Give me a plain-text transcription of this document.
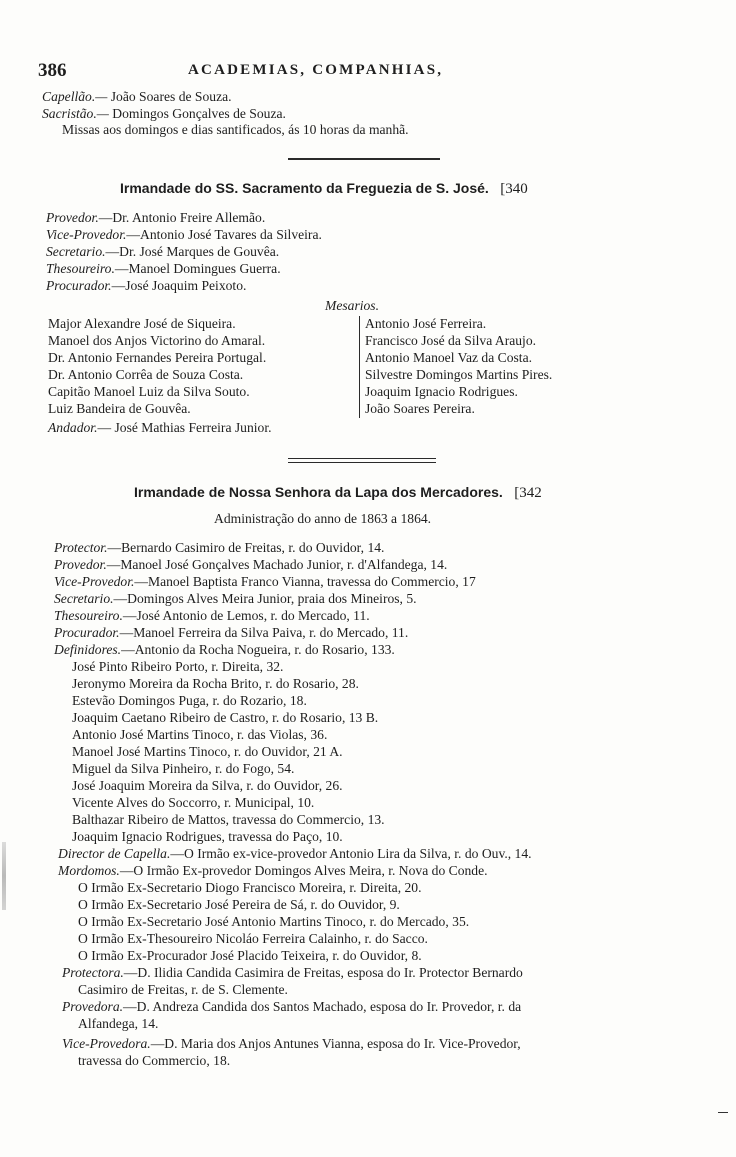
386	ACADEMIAS, COMPANHIAS,
Capellão.— João Soares de Souza.
Sacristão.— Domingos Gonçalves de Souza.
Missas aos domingos e dias santificados, ás 10 horas da manhã.
Irmandade do SS. Sacramento da Freguezia de S. José. [340
Provedor.—Dr. Antonio Freire Allemão.
Vice-Provedor.—Antonio José Tavares da Silveira.
Secretario.—Dr. José Marques de Gouvêa.
Thesoureiro.—Manoel Domingues Guerra.
Procurador.—José Joaquim Peixoto.
Mesarios.
Major Alexandre José de Siqueira.
Manoel dos Anjos Victorino do Amaral.
Dr. Antonio Fernandes Pereira Portugal.
Dr. Antonio Corrêa de Souza Costa.
Capitão Manoel Luiz da Silva Souto.
Luiz Bandeira de Gouvêa.
Antonio José Ferreira.
Francisco José da Silva Araujo.
Antonio Manoel Vaz da Costa.
Silvestre Domingos Martins Pires.
Joaquim Ignacio Rodrigues.
João Soares Pereira.
Andador.— José Mathias Ferreira Junior.
Irmandade de Nossa Senhora da Lapa dos Mercadores. [342
Administração do anno de 1863 a 1864.
Protector.—Bernardo Casimiro de Freitas, r. do Ouvidor, 14.
Provedor.—Manoel José Gonçalves Machado Junior, r. d'Alfandega, 14.
Vice-Provedor.—Manoel Baptista Franco Vianna, travessa do Commercio, 17
Secretario.—Domingos Alves Meira Junior, praia dos Mineiros, 5.
Thesoureiro.—José Antonio de Lemos, r. do Mercado, 11.
Procurador.—Manoel Ferreira da Silva Paiva, r. do Mercado, 11.
Definidores.—Antonio da Rocha Nogueira, r. do Rosario, 133.
José Pinto Ribeiro Porto, r. Direita, 32.
Jeronymo Moreira da Rocha Brito, r. do Rosario, 28.
Estevão Domingos Puga, r. do Rozario, 18.
Joaquim Caetano Ribeiro de Castro, r. do Rosario, 13 B.
Antonio José Martins Tinoco, r. das Violas, 36.
Manoel José Martins Tinoco, r. do Ouvidor, 21 A.
Miguel da Silva Pinheiro, r. do Fogo, 54.
José Joaquim Moreira da Silva, r. do Ouvidor, 26.
Vicente Alves do Soccorro, r. Municipal, 10.
Balthazar Ribeiro de Mattos, travessa do Commercio, 13.
Joaquim Ignacio Rodrigues, travessa do Paço, 10.
Director de Capella.—O Irmão ex-vice-provedor Antonio Lira da Silva, r. do Ouv., 14.
Mordomos.—O Irmão Ex-provedor Domingos Alves Meira, r. Nova do Conde.
O Irmão Ex-Secretario Diogo Francisco Moreira, r. Direita, 20.
O Irmão Ex-Secretario José Pereira de Sá, r. do Ouvidor, 9.
O Irmão Ex-Secretario José Antonio Martins Tinoco, r. do Mercado, 35.
O Irmão Ex-Thesoureiro Nicoláo Ferreira Calainho, r. do Sacco.
O Irmão Ex-Procurador José Placido Teixeira, r. do Ouvidor, 8.
Protectora.—D. Ilidia Candida Casimira de Freitas, esposa do Ir. Protector Bernardo
Casimiro de Freitas, r. de S. Clemente.
Provedora.—D. Andreza Candida dos Santos Machado, esposa do Ir. Provedor, r. da
Alfandega, 14.
Vice-Provedora.—D. Maria dos Anjos Antunes Vianna, esposa do Ir. Vice-Provedor,
travessa do Commercio, 18.
